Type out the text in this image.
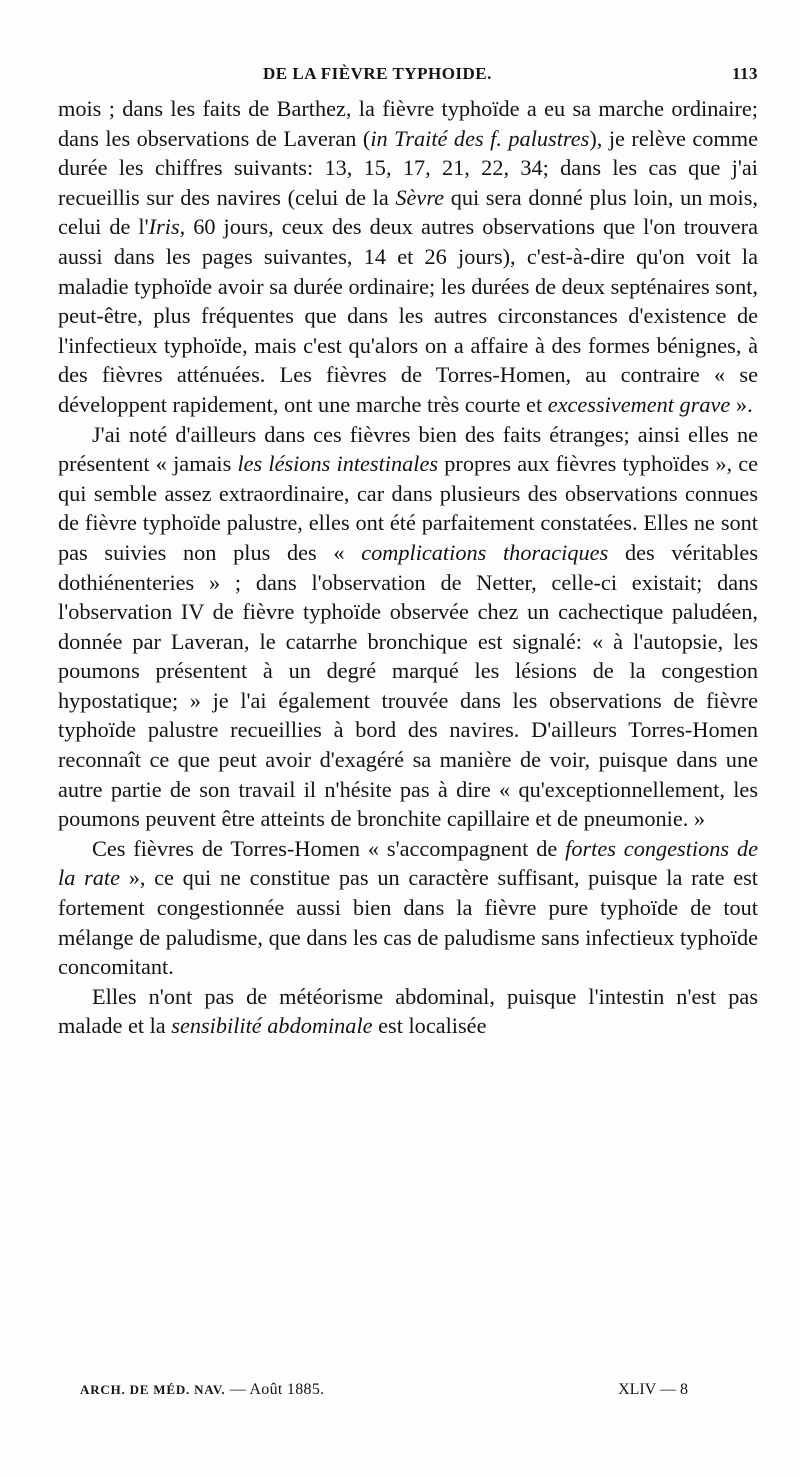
DE LA FIÈVRE TYPHOIDE.	113

mois ; dans les faits de Barthez, la fièvre typhoïde a eu sa marche ordinaire; dans les observations de Laveran (in Traité des f. palustres), je relève comme durée les chiffres suivants: 13, 15, 17, 21, 22, 34; dans les cas que j'ai recueillis sur des navires (celui de la Sèvre qui sera donné plus loin, un mois, celui de l'Iris, 60 jours, ceux des deux autres observations que l'on trouvera aussi dans les pages suivantes, 14 et 26 jours), c'est-à-dire qu'on voit la maladie typhoïde avoir sa durée ordinaire; les durées de deux septénaires sont, peut-être, plus fréquentes que dans les autres circonstances d'existence de l'infectieux typhoïde, mais c'est qu'alors on a affaire à des formes bénignes, à des fièvres atténuées. Les fièvres de Torres-Homen, au contraire « se développent rapidement, ont une marche très courte et excessivement grave ».

J'ai noté d'ailleurs dans ces fièvres bien des faits étranges; ainsi elles ne présentent « jamais les lésions intestinales propres aux fièvres typhoïdes », ce qui semble assez extraordinaire, car dans plusieurs des observations connues de fièvre typhoïde palustre, elles ont été parfaitement constatées. Elles ne sont pas suivies non plus des « complications thoraciques des véritables dothiénenteries » ; dans l'observation de Netter, celle-ci existait; dans l'observation IV de fièvre typhoïde observée chez un cachectique paludéen, donnée par Laveran, le catarrhe bronchique est signalé: « à l'autopsie, les poumons présentent à un degré marqué les lésions de la congestion hypostatique; » je l'ai également trouvée dans les observations de fièvre typhoïde palustre recueillies à bord des navires. D'ailleurs Torres-Homen reconnaît ce que peut avoir d'exagéré sa manière de voir, puisque dans une autre partie de son travail il n'hésite pas à dire « qu'exceptionnellement, les poumons peuvent être atteints de bronchite capillaire et de pneumonie. »

Ces fièvres de Torres-Homen « s'accompagnent de fortes congestions de la rate », ce qui ne constitue pas un caractère suffisant, puisque la rate est fortement congestionnée aussi bien dans la fièvre pure typhoïde de tout mélange de paludisme, que dans les cas de paludisme sans infectieux typhoïde concomitant.

Elles n'ont pas de météorisme abdominal, puisque l'intestin n'est pas malade et la sensibilité abdominale est localisée

ARCH. DE MÉD. NAV. — Août 1885.	XLIV — 8
